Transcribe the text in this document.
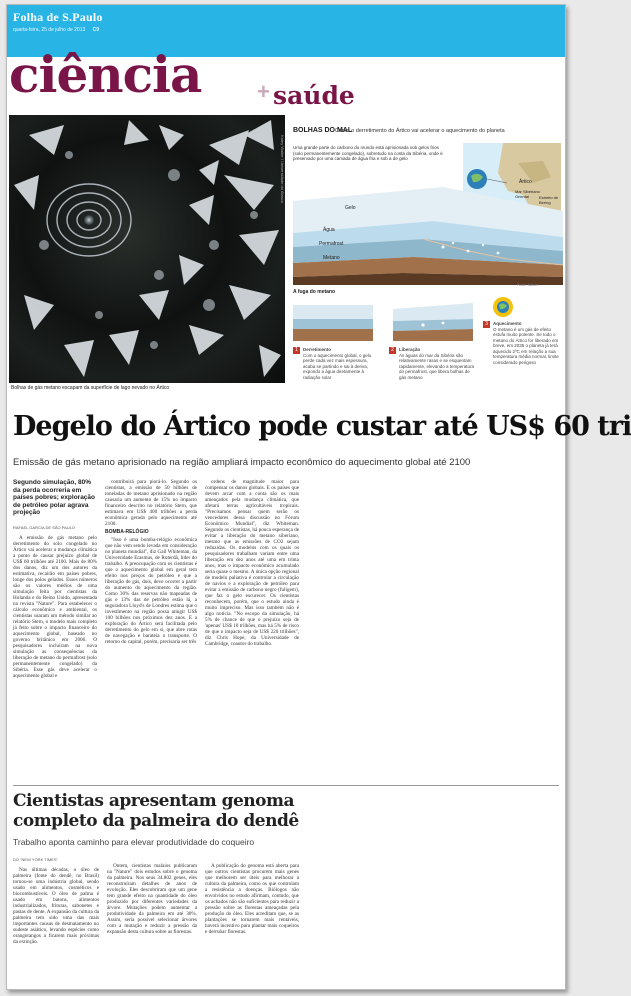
Folha de S.Paulo
quarta-feira, 25 de julho de 2013 C9
ciência	+ saúde
Katey Walter / Universidade do Alasca
Bolhas de gás metano escapam da superfície de lago nevado no Ártico
BOLHAS DO MAL
Como o derretimento do Ártico vai acelerar o aquecimento do planeta
Uma grande parte do carbono do mundo está aprisionada sob gelos frios (solo permanentemente congelado), sobretudo na costa da Sibéria, onde é preservado por uma camada de água fria e sob a de gelo
Ártico
Mar Siberiano Oriental	Estreito de Bering
Gelo
Água
Permafrost
Metano
Fonte: Nature
A fuga do metano
1	Derretimento
Com o aquecimento global, o gelo perde cada vez mais espessura, acaba se partindo e sai à deriva, expondo a água diretamente à radiação solar
2	Liberação
As águas do mar da Sibéria são relativamente rasas e se esquentam rapidamente, elevando a temperatura do permafrost, que libera bolhas de gás metano
3	Aquecimento
O metano é um gás de efeito estufa muito potente. Se todo o metano do Ártico for liberado em breve, em 2035 o planeta já terá aquecido 2ºC em relação a sua temperatura média normal, limite considerado perigoso
Degelo do Ártico pode custar até US$ 60 tri
Emissão de gás metano aprisionado na região ampliará impacto econômico do aquecimento global até 2100
Segundo simulação, 80% da perda ocorreria em países pobres; exploração de petróleo polar agrava projeção
RAFAEL GARCIA DE SÃO PAULO

A emissão de gás metano pelo derretimento do solo congelado no Ártico vai acelerar a mudança climática a ponto de causar prejuízo global de US$ 60 trilhões até 2100. Mais de 80% dos danos, diz um dos autores da estimativa, recairão em países pobres, longe dos polos gelados. Esses números são os valores médios de uma simulação feita por cientistas da Holanda e do Reino Unido, apresentada na revista "Nature". Para estabelecer o cálculo econômico e ambiental, os cientistas usaram um método similar ao relatório Stern, o modelo mais completo já feito sobre o impacto financeiro do aquecimento global, baseado no governo britânico em 2006. O pesquisadores incluíram na nova simulação as consequências da liberação de metano do permafrost (solo permanentemente congelado) da Sibéria. Esse gás deve acelerar o aquecimento global e

contribuirá para piorá-lo. Segundo os cientistas, a emissão de 50 bilhões de toneladas de metano aprisionado na região causaria um aumento de 15% no impacto financeiro descrito no relatório Stern, que estimava em US$ 400 trilhões a perda econômica gerada pelo aquecimento até 2100.

BOMBA-RELÓGIO

"Isso é uma bomba-relógio econômica que não vem sendo levada em consideração no planeta mundial", diz Gail Whiteman, da Universidade Erasmus, de Roterdã, líder do trabalho. A preocupação com os cientistas é que o aquecimento global em geral tem efeito nos preços do petróleo e que a liberação de gás, dois, deve ocorrer a partir do aumento do aquecimento da região. Como 30% das reservas não mapeadas de gás e 13% das de petróleo estão lá, a seguradora Lloyd's de Londres estima que o investimento na região possa atingir US$ 100 bilhões nos próximos dez anos. E a exploração do Ártico será facilitada pelo derretimento do gelo em si, que abre rotas de navegação e barateia o transporte. O retorno do capital, porém, precisaria ser três

ordens de magnitude maior para compensar os danos globais. E os países que devem arcar com a conta são os mais ameaçados pela mudança climática, que afetará terras agricultáveis tropicais. "Precisamos pensar quem serão os vencedores dessa discussão no Fórum Econômico Mundial", diz Whiteman. Segundo os cientistas, há pouca esperança de evitar a liberação do metano siberiano, mesmo que as emissões de CO2 sejam reduzidas. Os modelos com os quais os pesquisadores trabalham variam entre uma liberação em dez anos até uma em trinta anos, mas o impacto econômico acumulado seria quase o mesmo. A única opção regional de modelo paliativa é controlar a circulação de navios e a exploração de petróleo para evitar a emissão de carbono negro (fuligem), que faz o gelo escurecer. Os cientistas reconhecem, porém, que o estudo ainda é muito impreciso. Mas isso também não é algo notícia. "No escopo da simulação, há 5% de chance de que o prejuízo seja de 'apenas' US$ 10 trilhões, mas há 5% de risco de que o impacto seja de US$ 220 trilhões", diz Chris Hope, da Universidade de Cambridge, coautor do trabalho.

Cientistas apresentam genoma completo da palmeira do dendê
Trabalho aponta caminho para elevar produtividade do coqueiro
DO "NEW YORK TIMES"

Nas últimas décadas, o óleo de palmeira (fonte do dendê, no Brasil) tornou-se uma indústria global, sendo usado em alimentos, cosméticos e biocombustíveis. O óleo de palma é usado em batons, alimentos industrializados, frituras, sabonetes e pastas de dente. A expansão da cultura da palmeira tem sido uma das mais importantes causas de desmatamento no sudeste asiático, levando espécies como orangotangos a ficarem mais próximas da extinção.

Ontem, cientistas malaios publicaram na "Nature" dois estudos sobre o genoma da palmeira. Nos seus 34.802 genes, eles reconstruíram detalhes de anos de evolução. Eles descobriram que um gene tem grande efeito na quantidade do óleo produzido por diferentes variedades da árvore. Mutações podem aumentar a produtividade da palmeira em até 30%. Assim, seria possível selecionar árvores com a mutação e reduzir a pressão da expansão desta cultura sobre as florestas.

A publicação do genoma está aberta para que outros cientistas procurem mais genes que melhorem ser úteis para melhorar a cultura da palmeira, como os que controlam a resistência a doenças. Biólogos não envolvidos no estudo afirmam, contudo, que os achados não são suficientes para reduzir a pressão sobre as florestas ameaçadas pela produção do óleo. Eles acreditam que, se as plantações se tornarem mais rentáveis, haverá incentivo para plantar mais coqueiros e derrubar florestas.
